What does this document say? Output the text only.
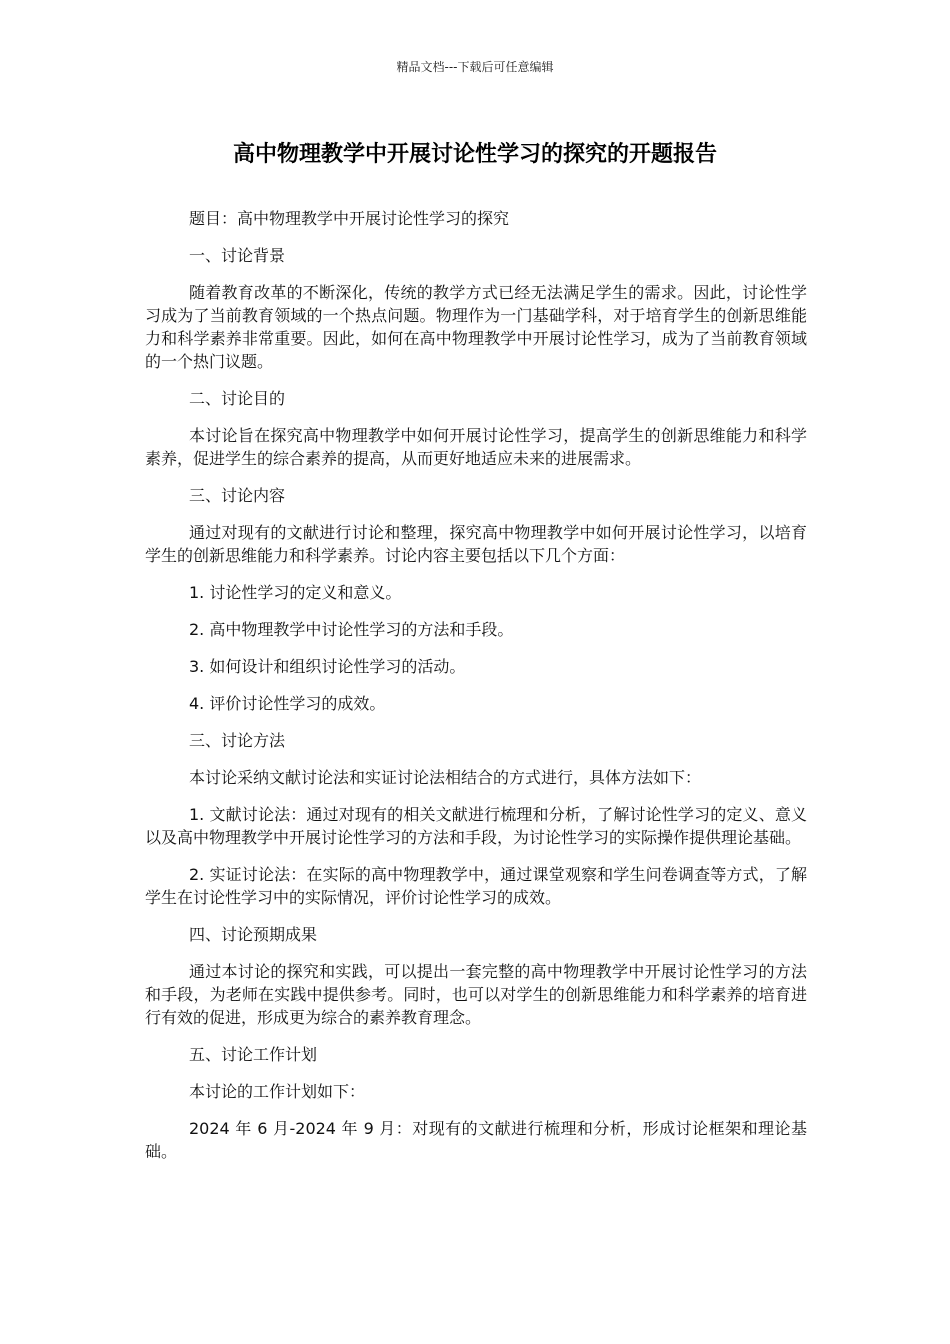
精品文档---下载后可任意编辑
高中物理教学中开展讨论性学习的探究的开题报告

题目：高中物理教学中开展讨论性学习的探究

一、讨论背景

随着教育改革的不断深化，传统的教学方式已经无法满足学生的需求。因此，讨论性学习成为了当前教育领域的一个热点问题。物理作为一门基础学科，对于培育学生的创新思维能力和科学素养非常重要。因此，如何在高中物理教学中开展讨论性学习，成为了当前教育领域的一个热门议题。

二、讨论目的

本讨论旨在探究高中物理教学中如何开展讨论性学习，提高学生的创新思维能力和科学素养，促进学生的综合素养的提高，从而更好地适应未来的进展需求。

三、讨论内容

通过对现有的文献进行讨论和整理，探究高中物理教学中如何开展讨论性学习，以培育学生的创新思维能力和科学素养。讨论内容主要包括以下几个方面：

1. 讨论性学习的定义和意义。

2. 高中物理教学中讨论性学习的方法和手段。

3. 如何设计和组织讨论性学习的活动。

4. 评价讨论性学习的成效。

三、讨论方法

本讨论采纳文献讨论法和实证讨论法相结合的方式进行，具体方法如下：

1. 文献讨论法：通过对现有的相关文献进行梳理和分析，了解讨论性学习的定义、意义以及高中物理教学中开展讨论性学习的方法和手段，为讨论性学习的实际操作提供理论基础。

2. 实证讨论法：在实际的高中物理教学中，通过课堂观察和学生问卷调查等方式，了解学生在讨论性学习中的实际情况，评价讨论性学习的成效。

四、讨论预期成果

通过本讨论的探究和实践，可以提出一套完整的高中物理教学中开展讨论性学习的方法和手段，为老师在实践中提供参考。同时，也可以对学生的创新思维能力和科学素养的培育进行有效的促进，形成更为综合的素养教育理念。

五、讨论工作计划

本讨论的工作计划如下：

2024 年 6 月-2024 年 9 月：对现有的文献进行梳理和分析，形成讨论框架和理论基础。
